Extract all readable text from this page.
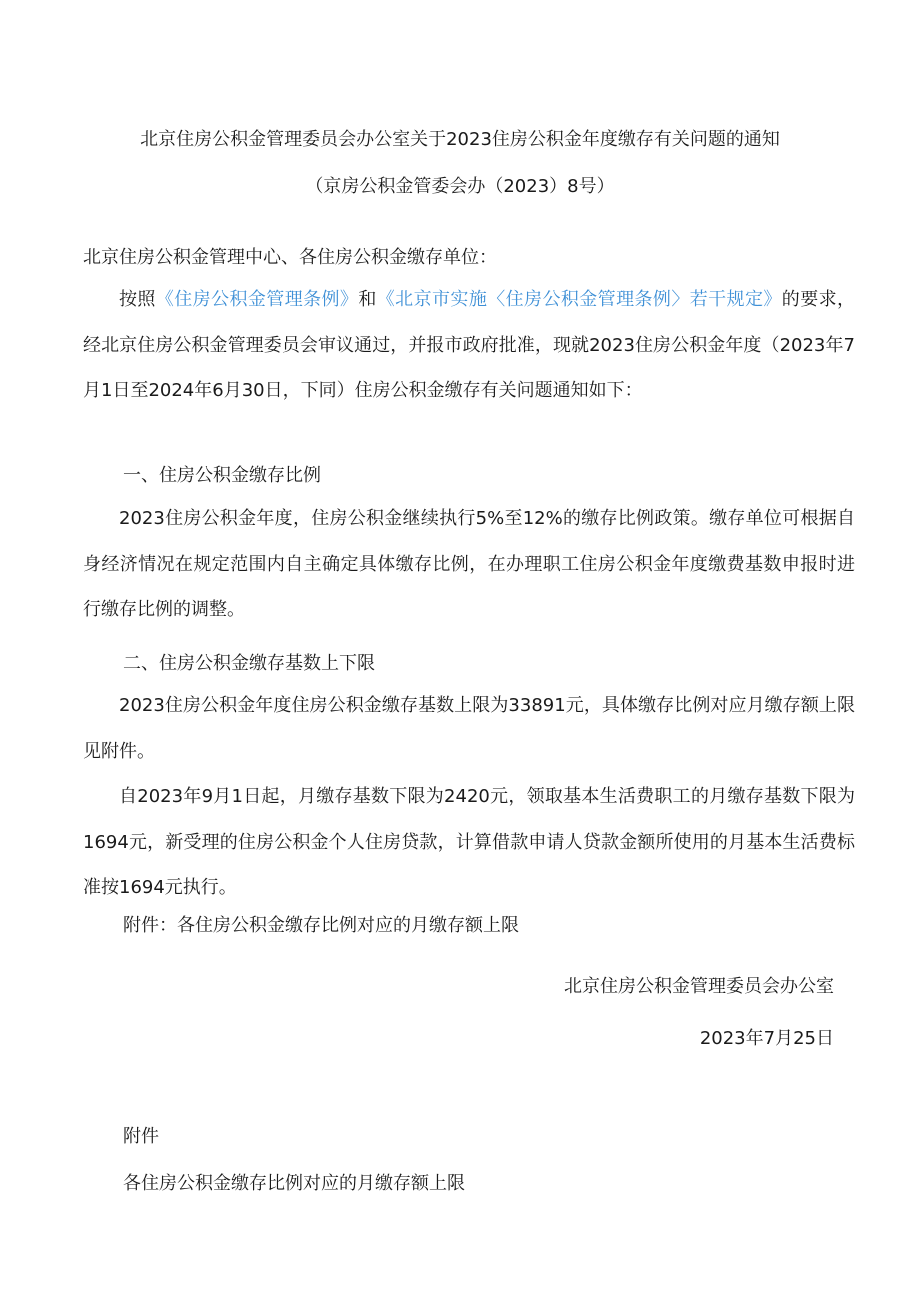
北京住房公积金管理委员会办公室关于2023住房公积金年度缴存有关问题的通知
（京房公积金管委会办（2023）8号）
北京住房公积金管理中心、各住房公积金缴存单位：
按照《住房公积金管理条例》和《北京市实施〈住房公积金管理条例〉若干规定》的要求，经北京住房公积金管理委员会审议通过，并报市政府批准，现就2023住房公积金年度（2023年7月1日至2024年6月30日，下同）住房公积金缴存有关问题通知如下：
一、住房公积金缴存比例
2023住房公积金年度，住房公积金继续执行5%至12%的缴存比例政策。缴存单位可根据自身经济情况在规定范围内自主确定具体缴存比例，在办理职工住房公积金年度缴费基数申报时进行缴存比例的调整。
二、住房公积金缴存基数上下限
2023住房公积金年度住房公积金缴存基数上限为33891元，具体缴存比例对应月缴存额上限见附件。
自2023年9月1日起，月缴存基数下限为2420元，领取基本生活费职工的月缴存基数下限为1694元，新受理的住房公积金个人住房贷款，计算借款申请人贷款金额所使用的月基本生活费标准按1694元执行。
附件：各住房公积金缴存比例对应的月缴存额上限
北京住房公积金管理委员会办公室
2023年7月25日
附件
各住房公积金缴存比例对应的月缴存额上限
